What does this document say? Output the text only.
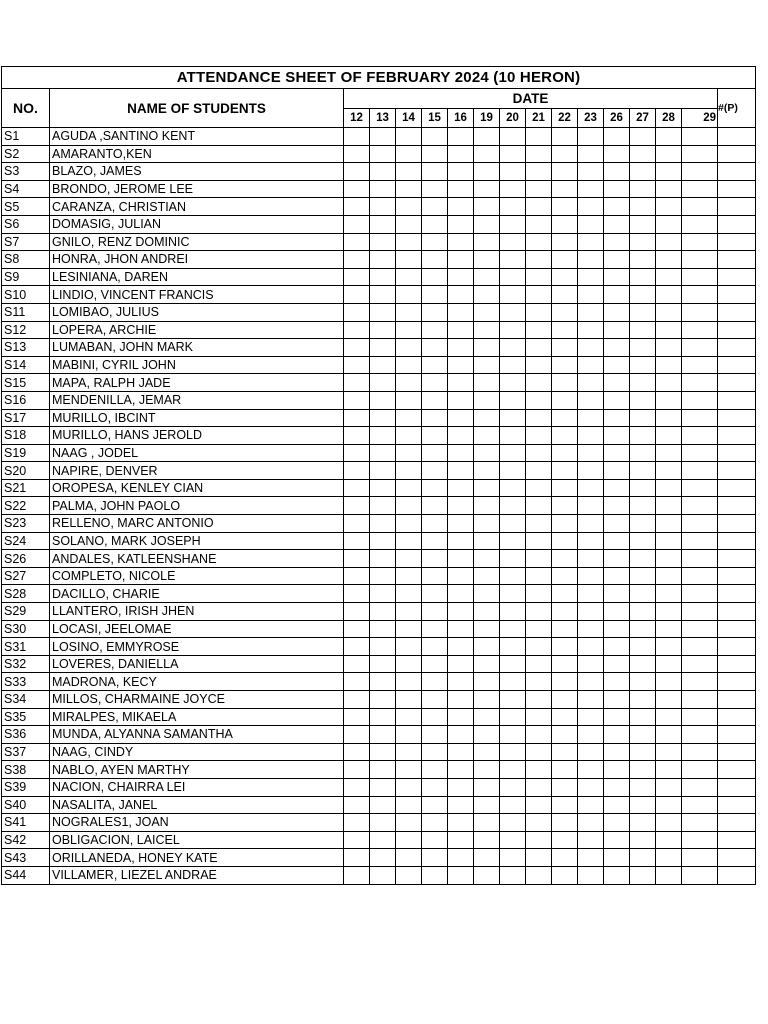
ATTENDANCE SHEET OF FEBRUARY 2024 (10 HERON)																
NO.	NAME OF STUDENTS	DATE														#(P)
		12	13	14	15	16	19	20	21	22	23	26	27	28	29	
S1	AGUDA ,SANTINO KENT															
S2	AMARANTO,KEN															
S3	BLAZO, JAMES															
S4	BRONDO, JEROME LEE															
S5	CARANZA, CHRISTIAN															
S6	DOMASIG, JULIAN															
S7	GNILO, RENZ DOMINIC															
S8	HONRA, JHON ANDREI															
S9	LESINIANA, DAREN															
S10	LINDIO, VINCENT FRANCIS															
S11	LOMIBAO, JULIUS															
S12	LOPERA, ARCHIE															
S13	LUMABAN, JOHN MARK															
S14	MABINI, CYRIL JOHN															
S15	MAPA, RALPH JADE															
S16	MENDENILLA, JEMAR															
S17	MURILLO, IBCINT															
S18	MURILLO, HANS JEROLD															
S19	NAAG , JODEL															
S20	NAPIRE, DENVER															
S21	OROPESA, KENLEY CIAN															
S22	PALMA, JOHN PAOLO															
S23	RELLENO, MARC ANTONIO															
S24	SOLANO, MARK JOSEPH															
S26	ANDALES, KATLEENSHANE															
S27	COMPLETO, NICOLE															
S28	DACILLO, CHARIE															
S29	LLANTERO, IRISH JHEN															
S30	LOCASI, JEELOMAE															
S31	LOSINO, EMMYROSE															
S32	LOVERES, DANIELLA															
S33	MADRONA, KECY															
S34	MILLOS, CHARMAINE JOYCE															
S35	MIRALPES, MIKAELA															
S36	MUNDA, ALYANNA SAMANTHA															
S37	NAAG, CINDY															
S38	NABLO, AYEN MARTHY															
S39	NACION, CHAIRRA LEI															
S40	NASALITA, JANEL															
S41	NOGRALES1, JOAN															
S42	OBLIGACION, LAICEL															
S43	ORILLANEDA, HONEY KATE															
S44	VILLAMER, LIEZEL ANDRAE															
